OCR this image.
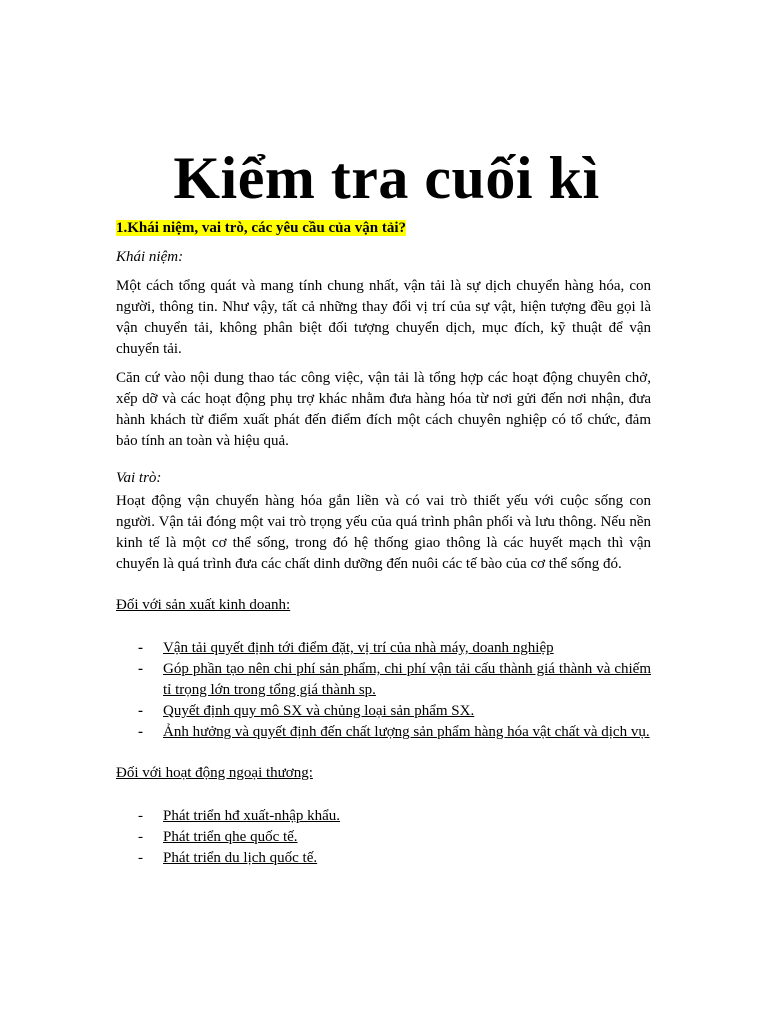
Kiểm tra cuối kì

1.Khái niệm, vai trò, các yêu cầu của vận tải?

Khái niệm:

Một cách tổng quát và mang tính chung nhất, vận tải là sự dịch chuyển hàng hóa, con người, thông tin. Như vậy, tất cả những thay đổi vị trí của sự vật, hiện tượng đều gọi là vận chuyển tải, không phân biệt đối tượng chuyển dịch, mục đích, kỹ thuật để vận chuyển tải.

Căn cứ vào nội dung thao tác công việc, vận tải là tổng hợp các hoạt động chuyên chở, xếp dỡ và các hoạt động phụ trợ khác nhằm đưa hàng hóa từ nơi gửi đến nơi nhận, đưa hành khách từ điểm xuất phát đến điểm đích một cách chuyên nghiệp có tổ chức, đảm bảo tính an toàn và hiệu quả.

Vai trò:

Hoạt động vận chuyển hàng hóa gắn liền và có vai trò thiết yếu với cuộc sống con người. Vận tải đóng một vai trò trọng yếu của quá trình phân phối và lưu thông. Nếu nền kinh tế là một cơ thể sống, trong đó hệ thống giao thông là các huyết mạch thì vận chuyển là quá trình đưa các chất dinh dưỡng đến nuôi các tế bào của cơ thể sống đó.

Đối với sản xuất kinh doanh:

- Vận tải quyết định tới điểm đặt, vị trí của nhà máy, doanh nghiệp
- Góp phần tạo nên chi phí sản phẩm, chi phí vận tải cấu thành giá thành và chiếm tỉ trọng lớn trong tổng giá thành sp.
- Quyết định quy mô SX và chủng loại sản phẩm SX.
- Ảnh hưởng và quyết định đến chất lượng sản phẩm hàng hóa vật chất và dịch vụ.

Đối với hoạt động ngoại thương:

- Phát triển hđ xuất-nhập khẩu.
- Phát triển qhe quốc tế.
- Phát triển du lịch quốc tế.
